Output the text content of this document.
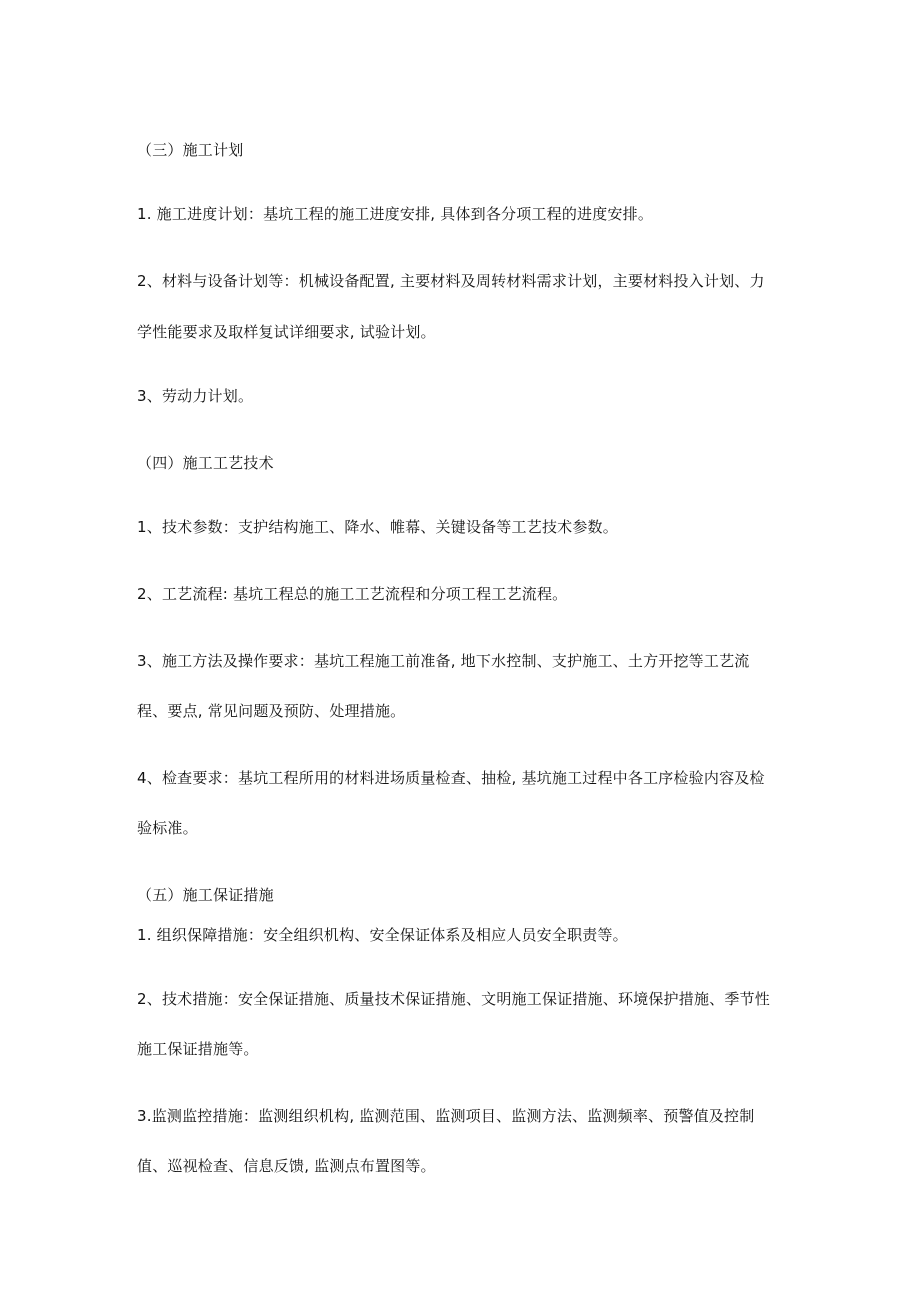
（三）施工计划
1. 施工进度计划：基坑工程的施工进度安排, 具体到各分项工程的进度安排。
2、材料与设备计划等：机械设备配置, 主要材料及周转材料需求计划，主要材料投入计划、力
学性能要求及取样复试详细要求, 试验计划。
3、劳动力计划。
（四）施工工艺技术
1、技术参数：支护结构施工、降水、帷幕、关键设备等工艺技术参数。
2、工艺流程: 基坑工程总的施工工艺流程和分项工程工艺流程。
3、施工方法及操作要求：基坑工程施工前准备, 地下水控制、支护施工、土方开挖等工艺流
程、要点, 常见问题及预防、处理措施。
4、检查要求：基坑工程所用的材料进场质量检查、抽检, 基坑施工过程中各工序检验内容及检
验标准。
（五）施工保证措施
1. 组织保障措施：安全组织机构、安全保证体系及相应人员安全职责等。
2、技术措施：安全保证措施、质量技术保证措施、文明施工保证措施、环境保护措施、季节性
施工保证措施等。
3.监测监控措施：监测组织机构, 监测范围、监测项目、监测方法、监测频率、预警值及控制
值、巡视检查、信息反馈, 监测点布置图等。
